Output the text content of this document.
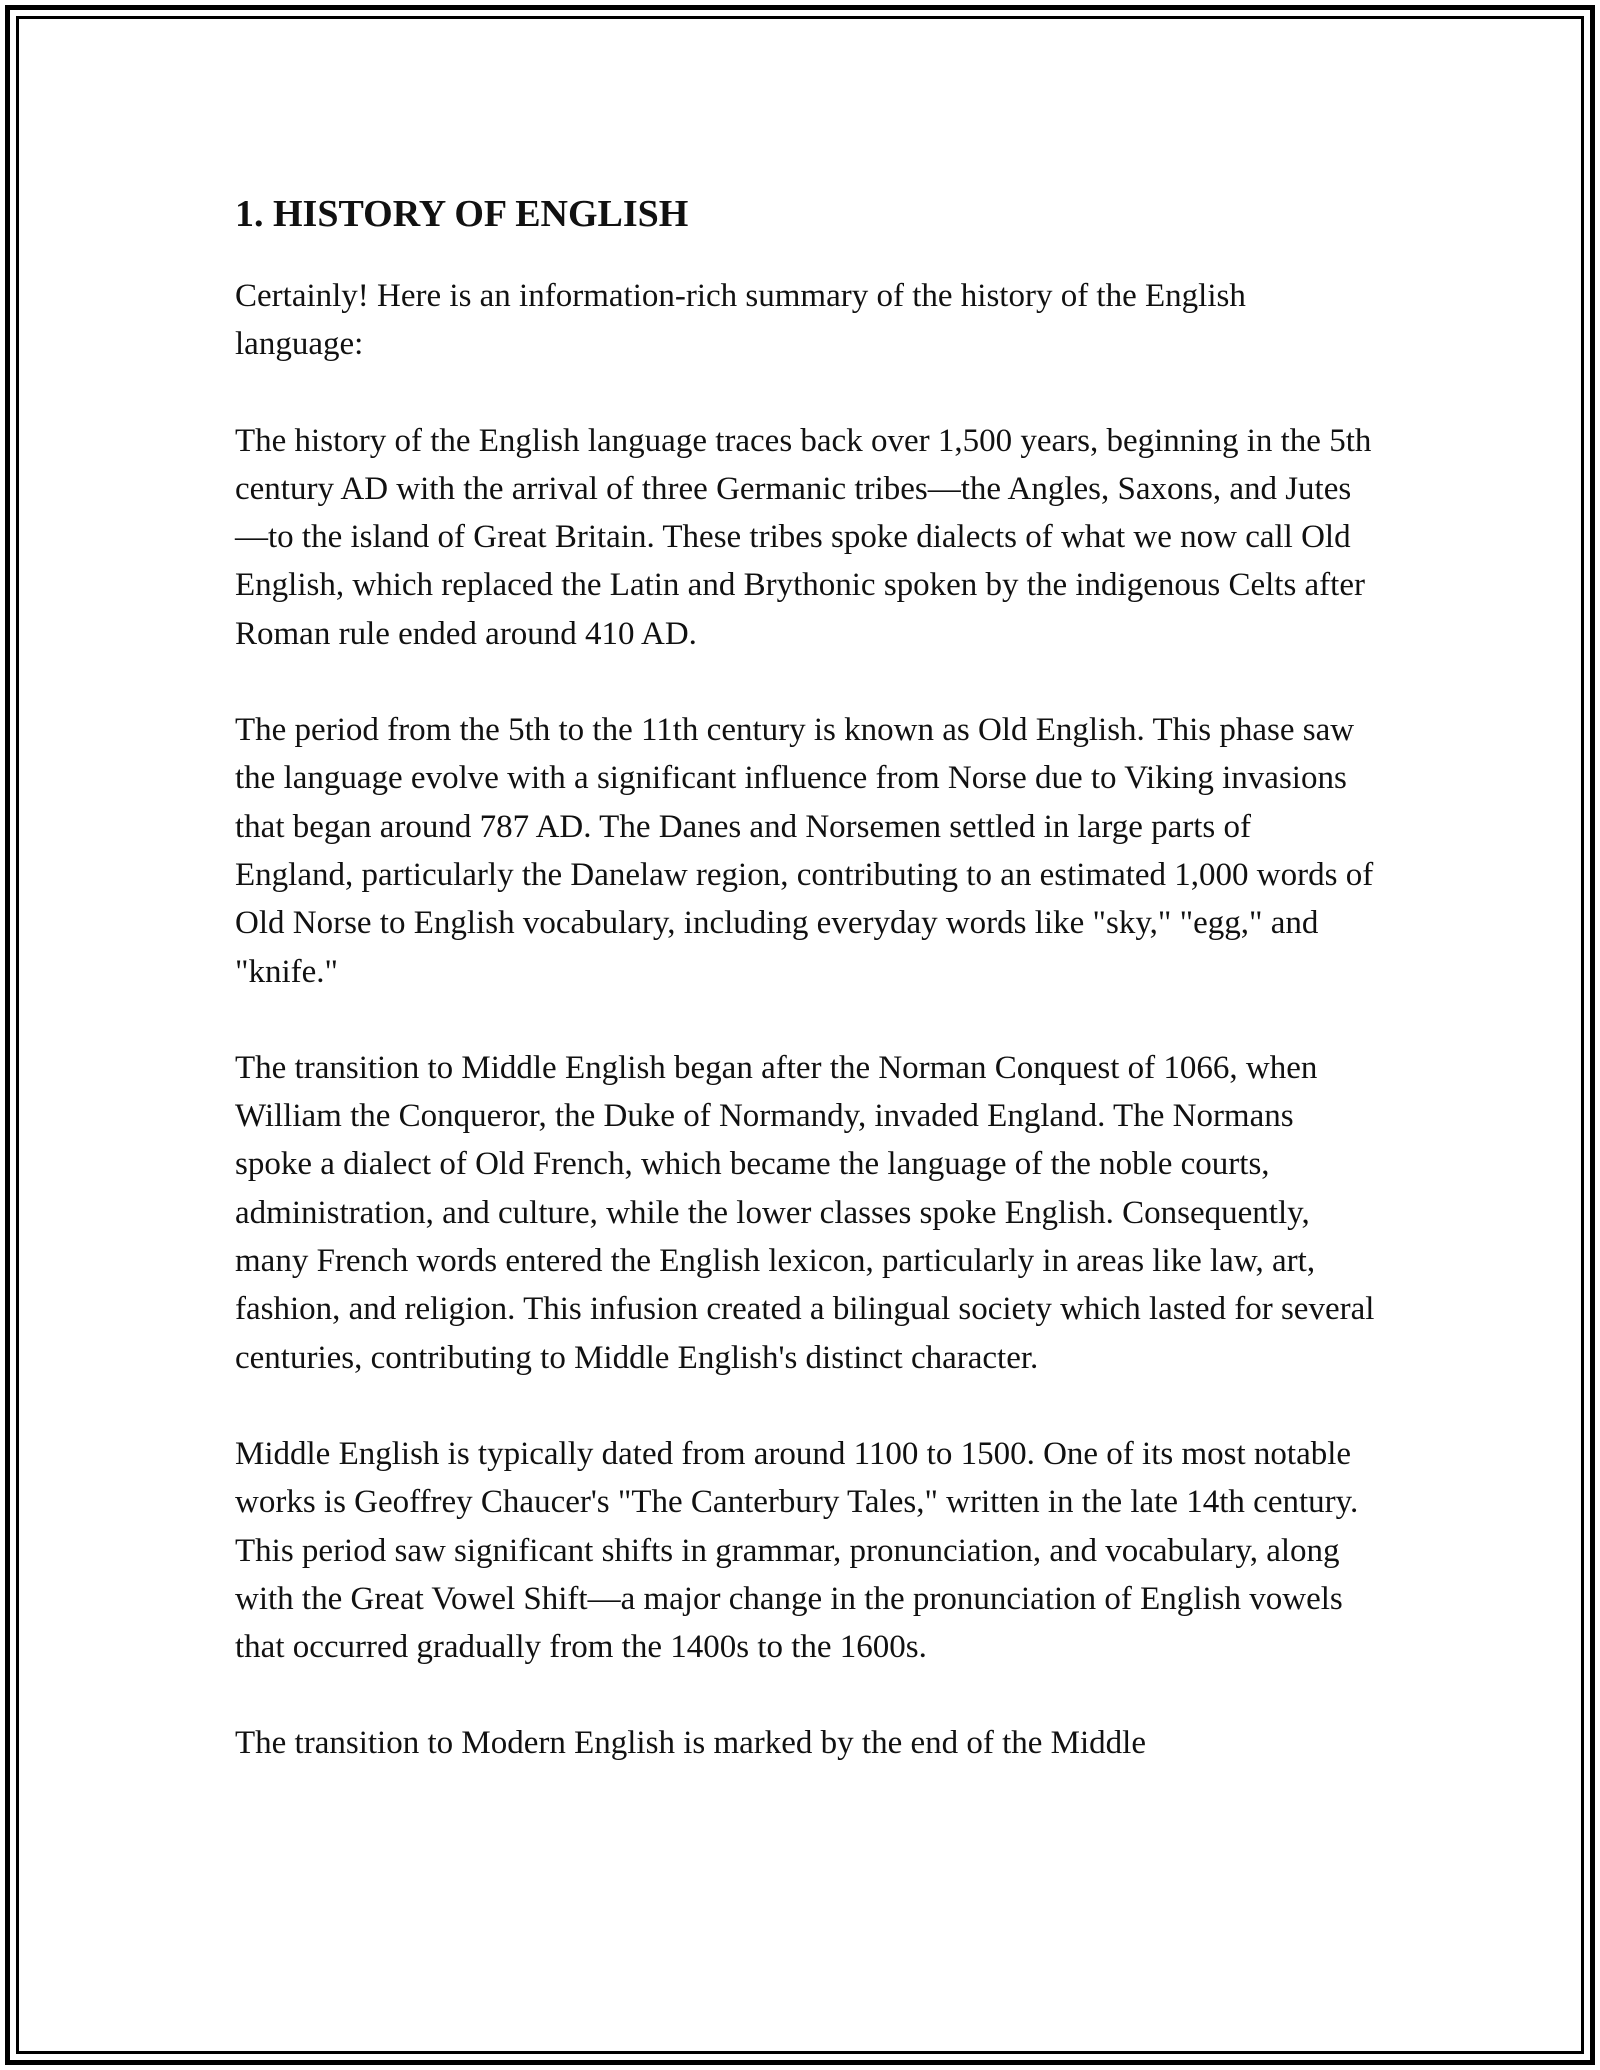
1. HISTORY OF ENGLISH

Certainly! Here is an information-rich summary of the history of the English language:

The history of the English language traces back over 1,500 years, beginning in the 5th century AD with the arrival of three Germanic tribes—the Angles, Saxons, and Jutes—to the island of Great Britain. These tribes spoke dialects of what we now call Old English, which replaced the Latin and Brythonic spoken by the indigenous Celts after Roman rule ended around 410 AD.

The period from the 5th to the 11th century is known as Old English. This phase saw the language evolve with a significant influence from Norse due to Viking invasions that began around 787 AD. The Danes and Norsemen settled in large parts of England, particularly the Danelaw region, contributing to an estimated 1,000 words of Old Norse to English vocabulary, including everyday words like "sky," "egg," and "knife."

The transition to Middle English began after the Norman Conquest of 1066, when William the Conqueror, the Duke of Normandy, invaded England. The Normans spoke a dialect of Old French, which became the language of the noble courts, administration, and culture, while the lower classes spoke English. Consequently, many French words entered the English lexicon, particularly in areas like law, art, fashion, and religion. This infusion created a bilingual society which lasted for several centuries, contributing to Middle English's distinct character.

Middle English is typically dated from around 1100 to 1500. One of its most notable works is Geoffrey Chaucer's "The Canterbury Tales," written in the late 14th century. This period saw significant shifts in grammar, pronunciation, and vocabulary, along with the Great Vowel Shift—a major change in the pronunciation of English vowels that occurred gradually from the 1400s to the 1600s.

The transition to Modern English is marked by the end of the Middle
